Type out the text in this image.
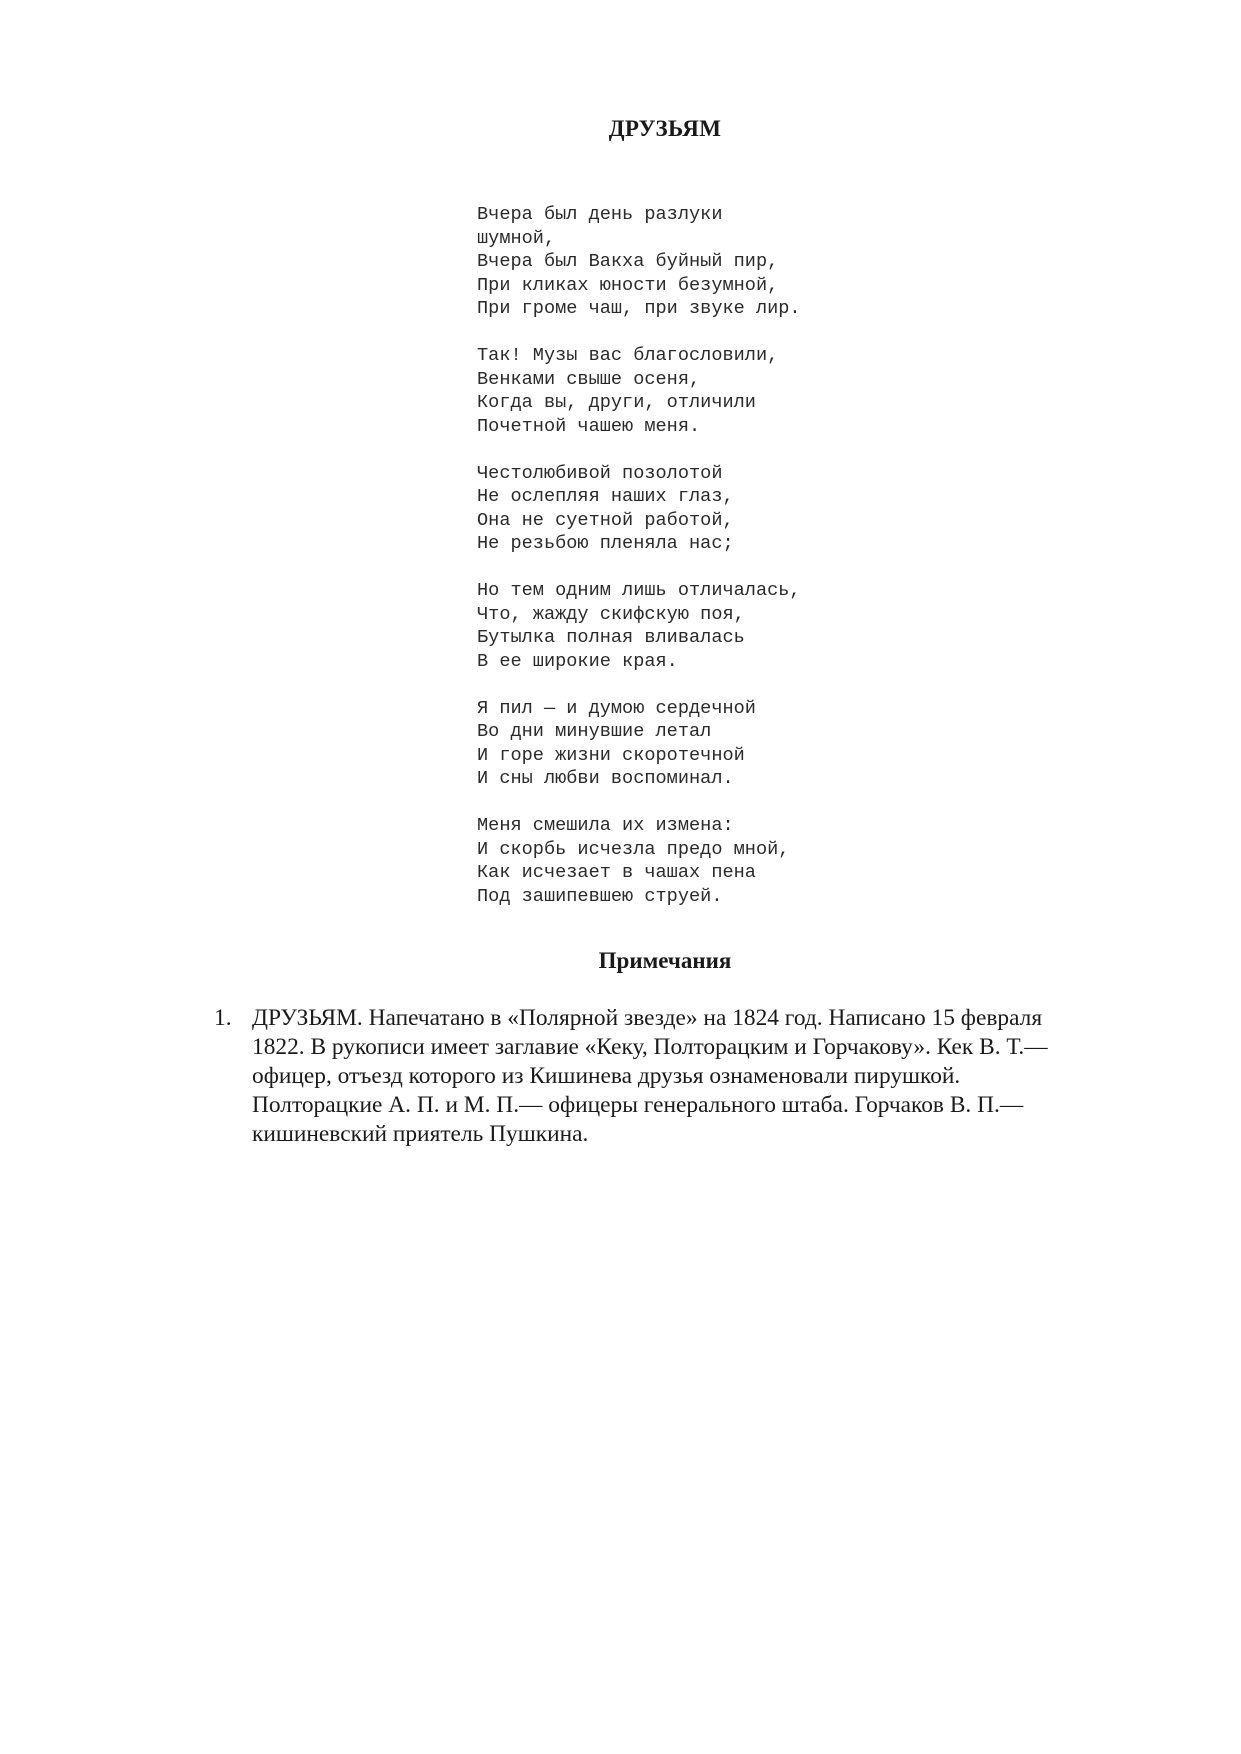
ДРУЗЬЯМ
Вчера был день разлуки
шумной,
Вчера был Вакха буйный пир,
При кликах юности безумной,
При громе чаш, при звуке лир.
Так! Музы вас благословили,
Венками свыше осеня,
Когда вы, други, отличили
Почетной чашею меня.
Честолюбивой позолотой
Не ослепляя наших глаз,
Она не суетной работой,
Не резьбою пленяла нас;
Но тем одним лишь отличалась,
Что, жажду скифскую поя,
Бутылка полная вливалась
В ее широкие края.
Я пил — и думою сердечной
Во дни минувшие летал
И горе жизни скоротечной
И сны любви воспоминал.
Меня смешила их измена:
И скорбь исчезла предо мной,
Как исчезает в чашах пена
Под зашипевшею струей.
Примечания
1. ДРУЗЬЯМ. Напечатано в «Полярной звезде» на 1824 год. Написано 15 февраля
1822. В рукописи имеет заглавие «Кеку, Полторацким и Горчакову». Кек В. Т.—
офицер, отъезд которого из Кишинева друзья ознаменовали пирушкой.
Полторацкие А. П. и М. П.— офицеры генерального штаба. Горчаков В. П.—
кишиневский приятель Пушкина.
